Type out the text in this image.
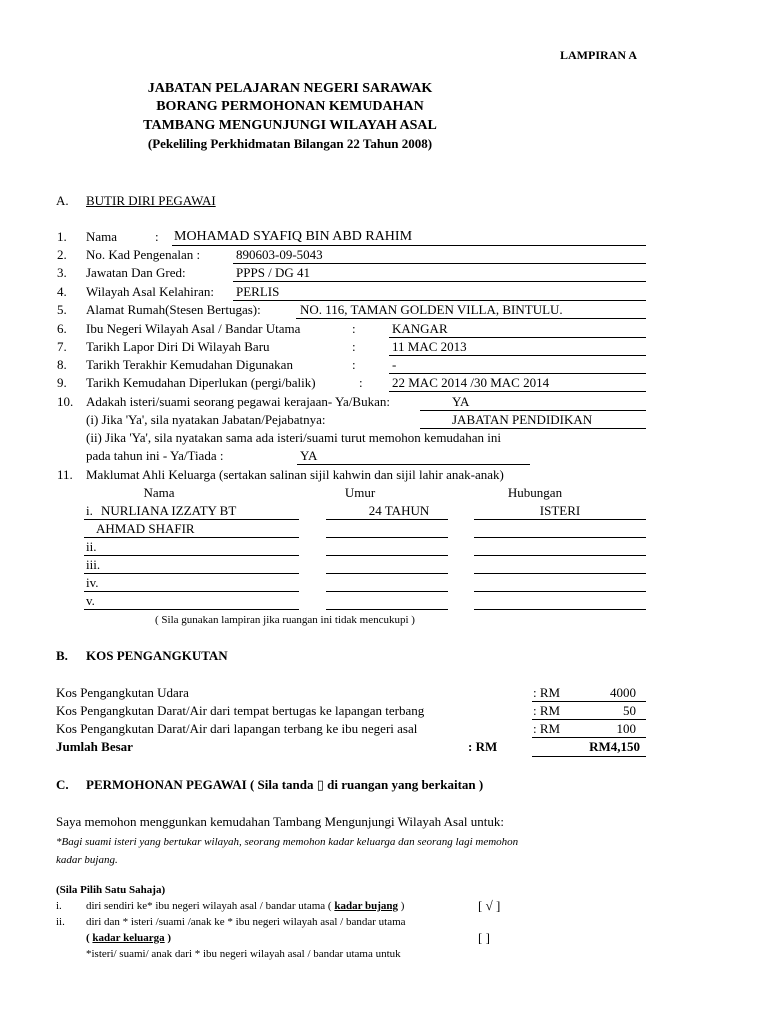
LAMPIRAN A
JABATAN PELAJARAN NEGERI SARAWAK
BORANG PERMOHONAN KEMUDAHAN
TAMBANG MENGUNJUNGI WILAYAH ASAL
(Pekeliling Perkhidmatan Bilangan 22 Tahun 2008)
A. BUTIR DIRI PEGAWAI
1. Nama	: MOHAMAD SYAFIQ BIN ABD RAHIM
2. No. Kad Pengenalan :	890603-09-5043
3. Jawatan Dan Gred:	PPPS / DG 41
4. Wilayah Asal Kelahiran: PERLIS
5. Alamat Rumah(Stesen Bertugas):	NO. 116, TAMAN GOLDEN VILLA, BINTULU.
6. Ibu Negeri Wilayah Asal / Bandar Utama	:	KANGAR
7. Tarikh Lapor Diri Di Wilayah Baru	:	11 MAC 2013
8. Tarikh Terakhir Kemudahan Digunakan	:	-
9. Tarikh Kemudahan Diperlukan (pergi/balik)	: 22 MAC 2014 /30 MAC 2014
10. Adakah isteri/suami seorang pegawai kerajaan- Ya/Bukan:	YA
(i) Jika 'Ya', sila nyatakan Jabatan/Pejabatnya:	JABATAN PENDIDIKAN
(ii) Jika 'Ya', sila nyatakan sama ada isteri/suami turut memohon kemudahan ini
pada tahun ini - Ya/Tiada :	YA
11. Maklumat Ahli Keluarga (sertakan salinan sijil kahwin dan sijil lahir anak-anak)
Nama	Umur	Hubungan
i. NURLIANA IZZATY BT	24 TAHUN	ISTERI
AHMAD SHAFIR
ii.
iii.
iv.
v.
( Sila gunakan lampiran jika ruangan ini tidak mencukupi )
B. KOS PENGANGKUTAN
Kos Pengangkutan Udara	: RM	4000
Kos Pengangkutan Darat/Air dari tempat bertugas ke lapangan terbang	: RM	50
Kos Pengangkutan Darat/Air dari lapangan terbang ke ibu negeri asal	: RM	100
Jumlah Besar	: RM	RM4,150
C. PERMOHONAN PEGAWAI ( Sila tanda ▯ di ruangan yang berkaitan )
Saya memohon menggunkan kemudahan Tambang Mengunjungi Wilayah Asal untuk:
*Bagi suami isteri yang bertukar wilayah, seorang memohon kadar keluarga dan seorang lagi memohon
kadar bujang.
(Sila Pilih Satu Sahaja)
i. diri sendiri ke* ibu negeri wilayah asal / bandar utama ( kadar bujang )	[ √ ]
ii. diri dan * isteri /suami /anak ke * ibu negeri wilayah asal / bandar utama
( kadar keluarga )	[ ]
*isteri/ suami/ anak dari * ibu negeri wilayah asal / bandar utama untuk
